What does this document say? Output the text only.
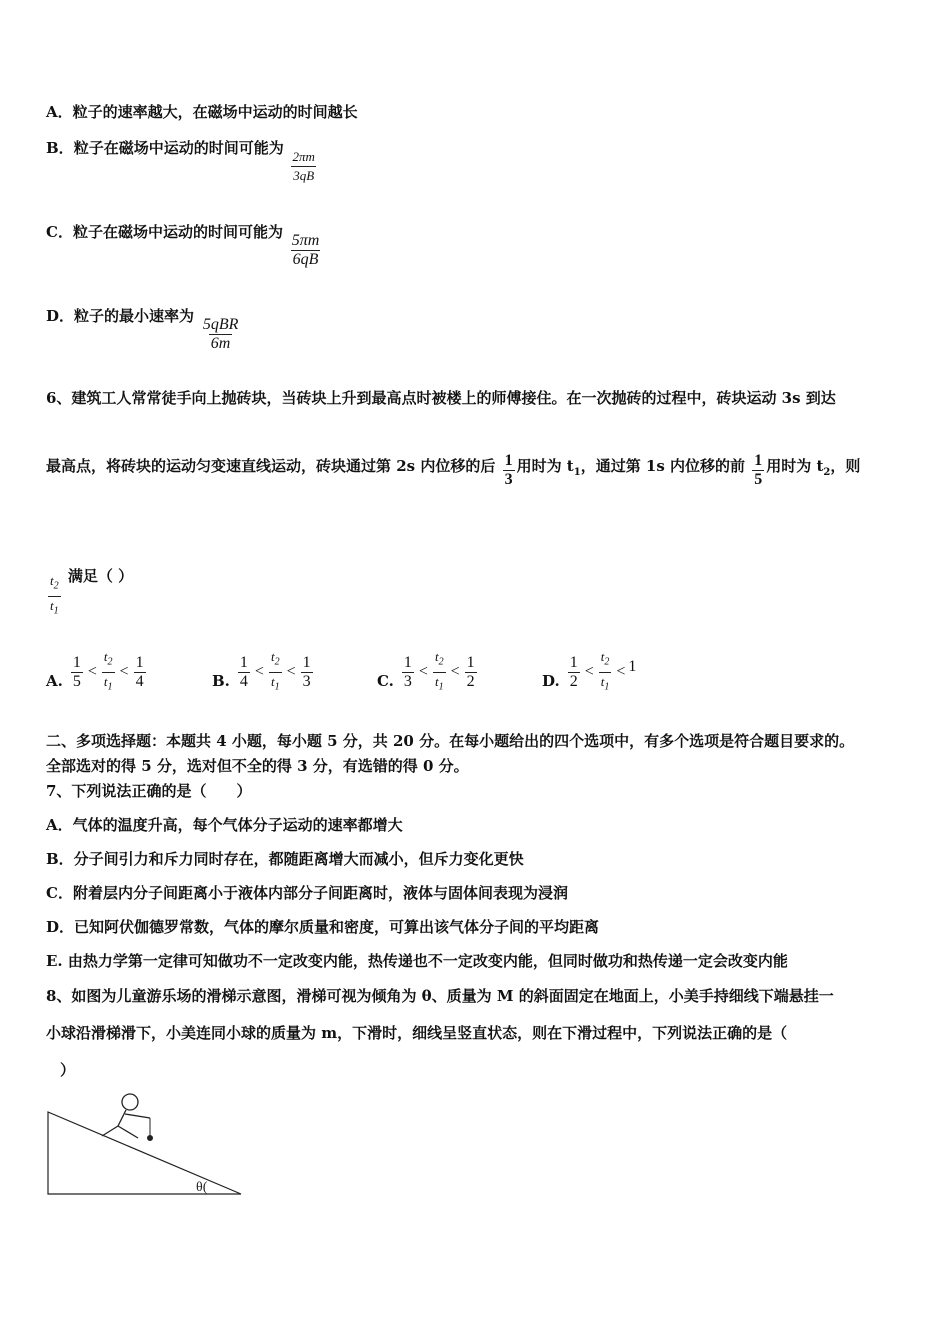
A．粒子的速率越大，在磁场中运动的时间越长
B．粒子在磁场中运动的时间可能为 $\frac{2\pi m}{3qB}$
C．粒子在磁场中运动的时间可能为 $\frac{5\pi m}{6qB}$
D．粒子的最小速率为 $\frac{\text{5qBR}}{6m}$
6、建筑工人常常徒手向上抛砖块，当砖块上升到最高点时被楼上的师傅接住。在一次抛砖的过程中，砖块运动 3s 到达
最高点，将砖块的运动匀变速直线运动，砖块通过第 2s 内位移的后 $\frac{1}{3}$ 用时为 $t_1$，通过第 1s 内位移的前 $\frac{1}{5}$ 用时为 $t_2$，则
$\frac{t_2}{t_1}$ 满足（ ）
A. $\frac{1}{5} < \frac{t_2}{t_1} < \frac{1}{4}$	B. $\frac{1}{4} < \frac{t_2}{t_1} < \frac{1}{3}$	C. $\frac{1}{3} < \frac{t_2}{t_1} < \frac{1}{2}$	D. $\frac{1}{2} < \frac{t_2}{t_1} < 1$
二、多项选择题：本题共 4 小题，每小题 5 分，共 20 分。在每小题给出的四个选项中，有多个选项是符合题目要求的。
全部选对的得 5 分，选对但不全的得 3 分，有选错的得 0 分。
7、下列说法正确的是（　　）
A．气体的温度升高，每个气体分子运动的速率都增大
B．分子间引力和斥力同时存在，都随距离增大而减小，但斥力变化更快
C．附着层内分子间距离小于液体内部分子间距离时，液体与固体间表现为浸润
D．已知阿伏伽德罗常数，气体的摩尔质量和密度，可算出该气体分子间的平均距离
E. 由热力学第一定律可知做功不一定改变内能，热传递也不一定改变内能，但同时做功和热传递一定会改变内能
8、如图为儿童游乐场的滑梯示意图，滑梯可视为倾角为 θ、质量为 M 的斜面固定在地面上，小美手持细线下端悬挂一
小球沿滑梯滑下，小美连同小球的质量为 m，下滑时，细线呈竖直状态，则在下滑过程中，下列说法正确的是（
）
θ(
